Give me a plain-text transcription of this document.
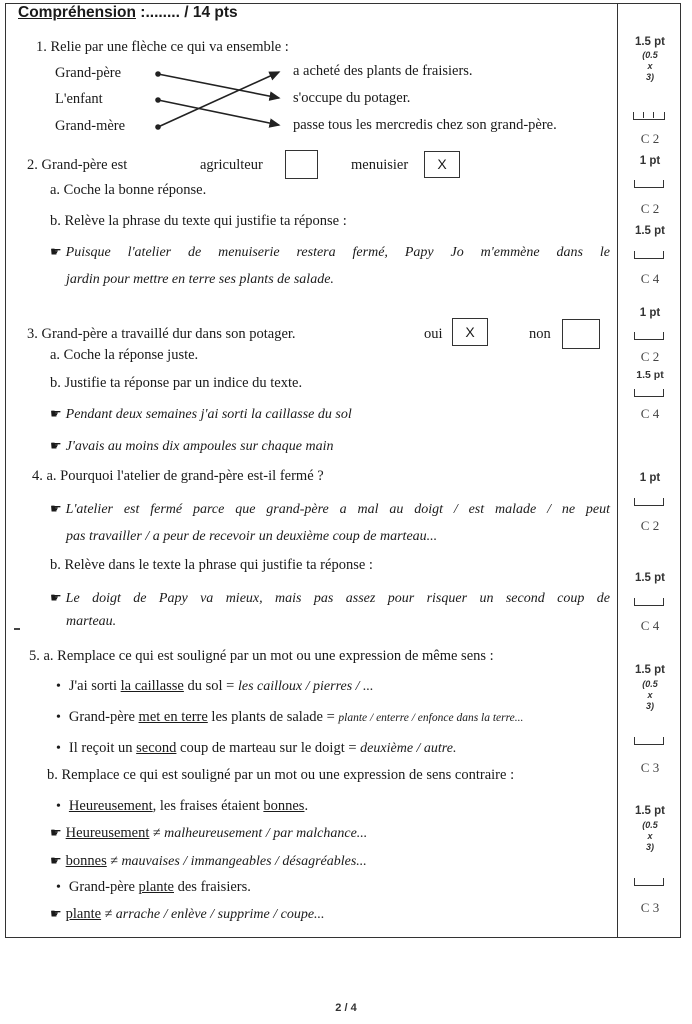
Compréhension :........ / 14 pts
1. Relie par une flèche ce qui va ensemble :
Grand-père
L'enfant
Grand-mère
a acheté des plants de fraisiers.
s'occupe du potager.
passe tous les mercredis chez son grand-père.
2. Grand-père est	agriculteur	menuisier	X
a. Coche la bonne réponse.
b. Relève la phrase du texte qui justifie ta réponse :
☛ Puisque l'atelier de menuiserie restera fermé, Papy Jo m'emmène dans le
jardin pour mettre en terre ses plants de salade.
3. Grand-père a travaillé dur dans son potager.	oui	X	non
a. Coche la réponse juste.
b. Justifie ta réponse par un indice du texte.
☛ Pendant deux semaines j'ai sorti la caillasse du sol
☛ J'avais au moins dix ampoules sur chaque main
4. a. Pourquoi l'atelier de grand-père est-il fermé ?
☛ L'atelier est fermé parce que grand-père a mal au doigt / est malade / ne peut
pas travailler / a peur de recevoir un deuxième coup de marteau...
b. Relève dans le texte la phrase qui justifie ta réponse :
☛ Le doigt de Papy va mieux, mais pas assez pour risquer un second coup de
marteau.
5. a. Remplace ce qui est souligné par un mot ou une expression de même sens :
• J'ai sorti la caillasse du sol = les cailloux / pierres / ...
• Grand-père met en terre les plants de salade = plante / enterre / enfonce dans la terre...
• Il reçoit un second coup de marteau sur le doigt = deuxième / autre.
b. Remplace ce qui est souligné par un mot ou une expression de sens contraire :
• Heureusement, les fraises étaient bonnes.
☛ Heureusement ≠ malheureusement / par malchance...
☛ bonnes ≠ mauvaises / immangeables / désagréables...
• Grand-père plante des fraisiers.
☛ plante ≠ arrache / enlève / supprime / coupe...
1.5 pt
(0.5
x
3)
C 2
1 pt
C 2
1.5 pt
C 4
1 pt
C 2
1.5 pt
C 4
1 pt
C 2
1.5 pt
C 4
1.5 pt
(0.5
x
3)
C 3
1.5 pt
(0.5
x
3)
C 3
2 / 4
